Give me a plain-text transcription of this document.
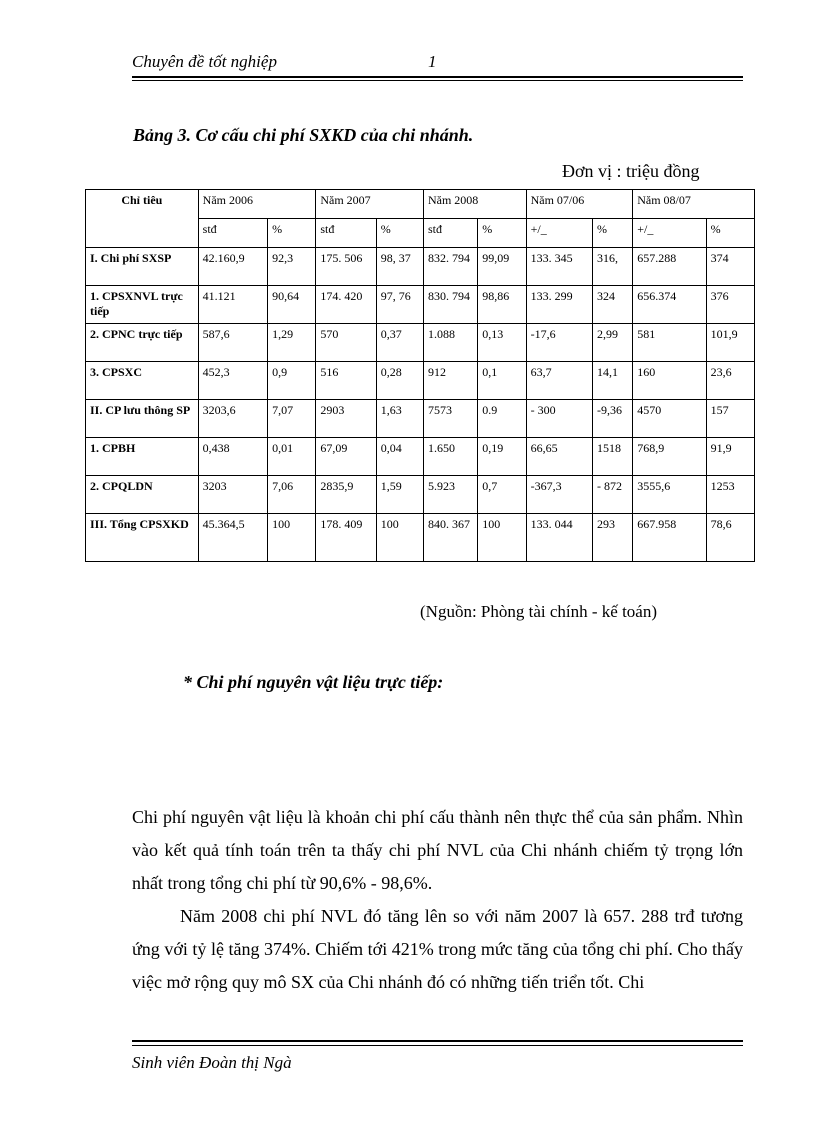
Chuyên đề tốt nghiệp	1
Bảng 3. Cơ cấu chi phí SXKD của chi nhánh.
Đơn vị : triệu đồng
Chỉ tiêu	Năm 2006		Năm 2007		Năm 2008		Năm 07/06		Năm 08/07	
	stđ	%	stđ	%	stđ	%	+/_	%	+/_	%
I. Chi phí SXSP	42.160,9	92,3	175. 506	98, 37	832. 794	99,09	133. 345	316,	657.288	374
1. CPSXNVL trực tiếp	41.121	90,64	174. 420	97, 76	830. 794	98,86	133. 299	324	656.374	376
2. CPNC trực tiếp	587,6	1,29	570	0,37	1.088	0,13	-17,6	2,99	581	101,9
3. CPSXC	452,3	0,9	516	0,28	912	0,1	63,7	14,1	160	23,6
II. CP lưu thông SP	3203,6	7,07	2903	1,63	7573	0.9	- 300	-9,36	4570	157
1. CPBH	0,438	0,01	67,09	0,04	1.650	0,19	66,65	1518	768,9	91,9
2. CPQLDN	3203	7,06	2835,9	1,59	5.923	0,7	-367,3	- 872	3555,6	1253
III. Tổng CPSXKD	45.364,5	100	178. 409	100	840. 367	100	133. 044	293	667.958	78,6
(Nguồn: Phòng tài chính - kế toán)
* Chi phí nguyên vật liệu trực tiếp:
Chi phí nguyên vật liệu là khoản chi phí cấu thành nên thực thể của sản phẩm. Nhìn vào kết quả tính toán trên ta thấy chi phí NVL của Chi nhánh chiếm tỷ trọng lớn nhất trong tổng chi phí từ 90,6% - 98,6%.
Năm 2008 chi phí NVL đó tăng lên so với năm 2007 là 657. 288 trđ tương ứng với tỷ lệ tăng 374%. Chiếm tới 421% trong mức tăng của tổng chi phí. Cho thấy việc mở rộng quy mô SX của Chi nhánh đó có những tiến triển tốt. Chi
Sinh viên Đoàn thị Ngà
